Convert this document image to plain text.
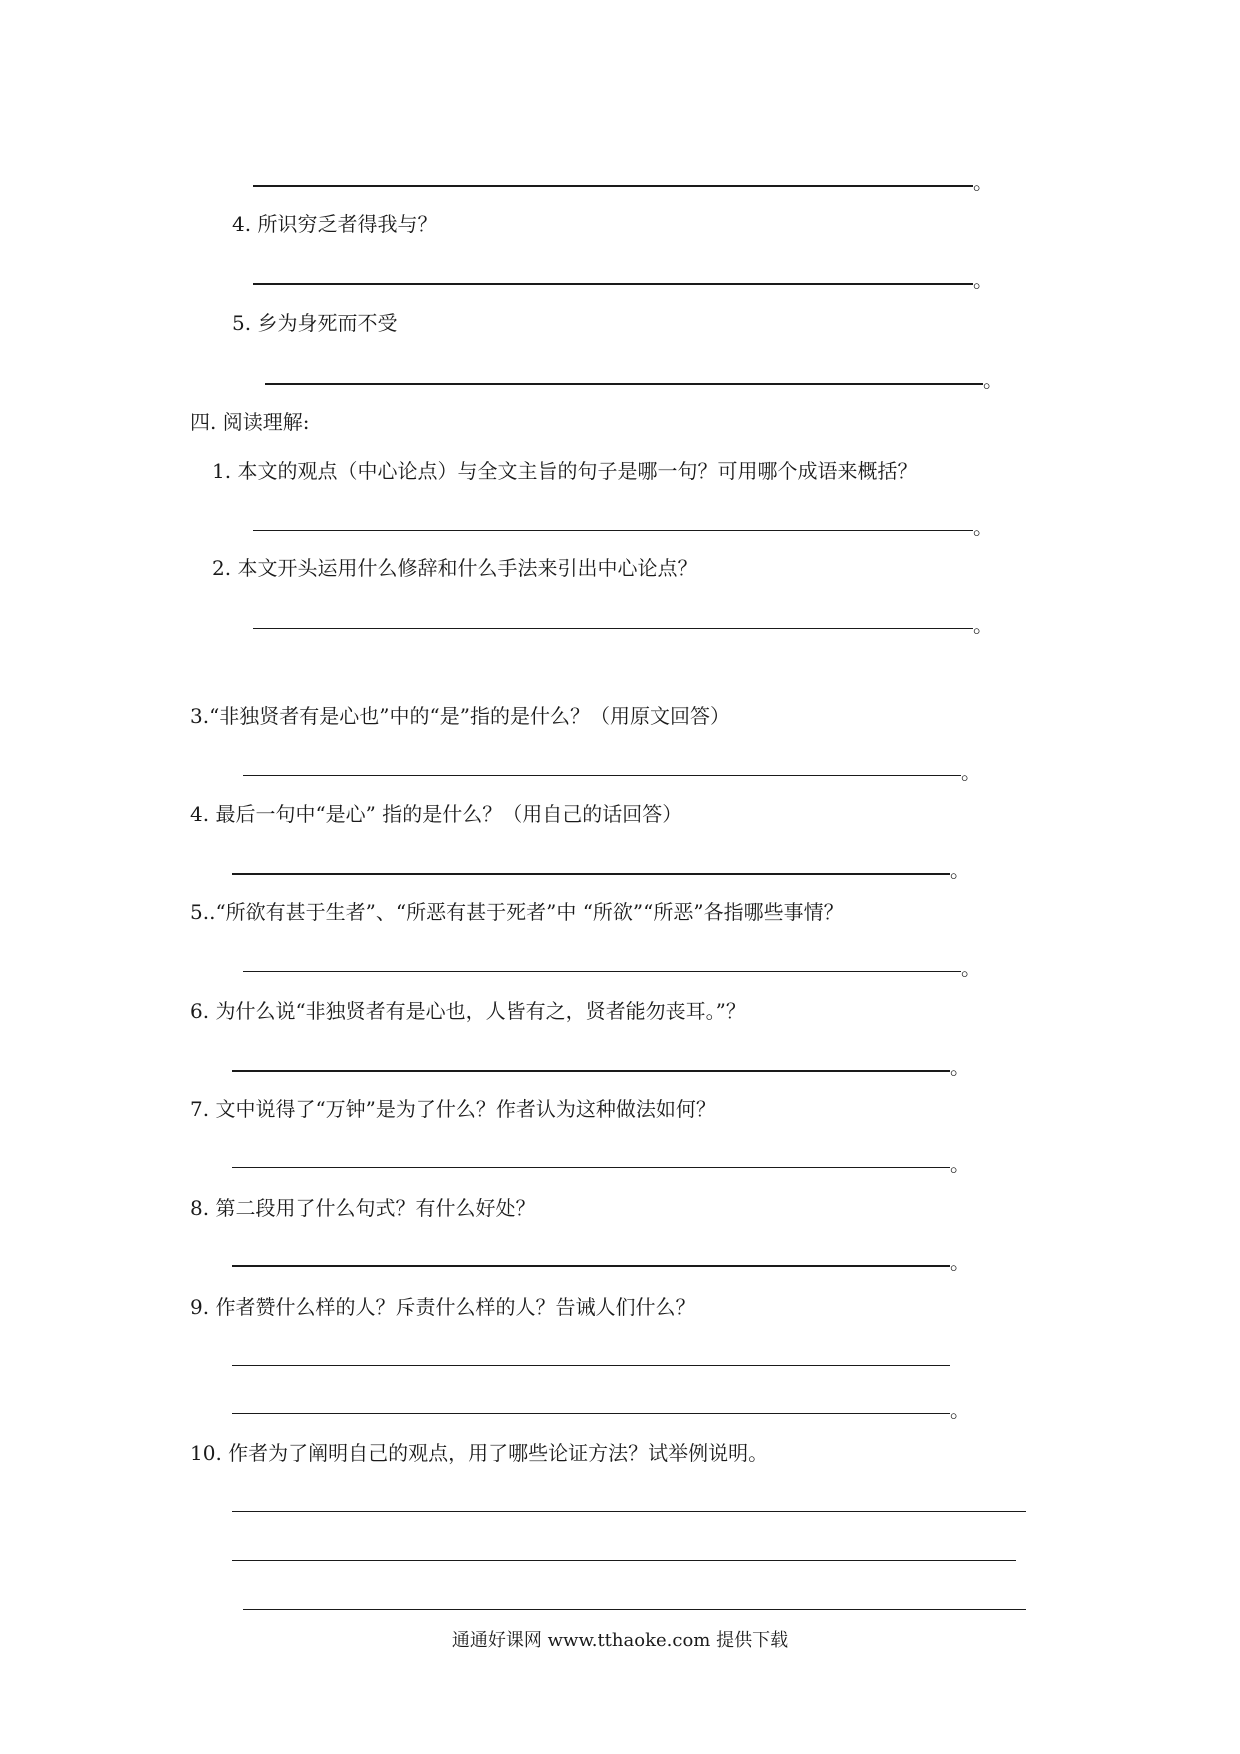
。
4. 所识穷乏者得我与？
。
5. 乡为身死而不受
。
四. 阅读理解:
1. 本文的观点（中心论点）与全文主旨的句子是哪一句？可用哪个成语来概括？
。
2. 本文开头运用什么修辞和什么手法来引出中心论点？
。
3.“非独贤者有是心也”中的“是”指的是什么？（用原文回答）
。
4. 最后一句中“是心” 指的是什么？（用自己的话回答）
。
5..“所欲有甚于生者”、“所恶有甚于死者”中 “所欲”“所恶”各指哪些事情？
。
6. 为什么说“非独贤者有是心也，人皆有之，贤者能勿丧耳。”？
。
7. 文中说得了“万钟”是为了什么？作者认为这种做法如何？
。
8. 第二段用了什么句式？有什么好处？
。
9. 作者赞什么样的人？斥责什么样的人？告诫人们什么？
。
10. 作者为了阐明自己的观点，用了哪些论证方法？试举例说明。
通通好课网 www.tthaoke.com 提供下载
